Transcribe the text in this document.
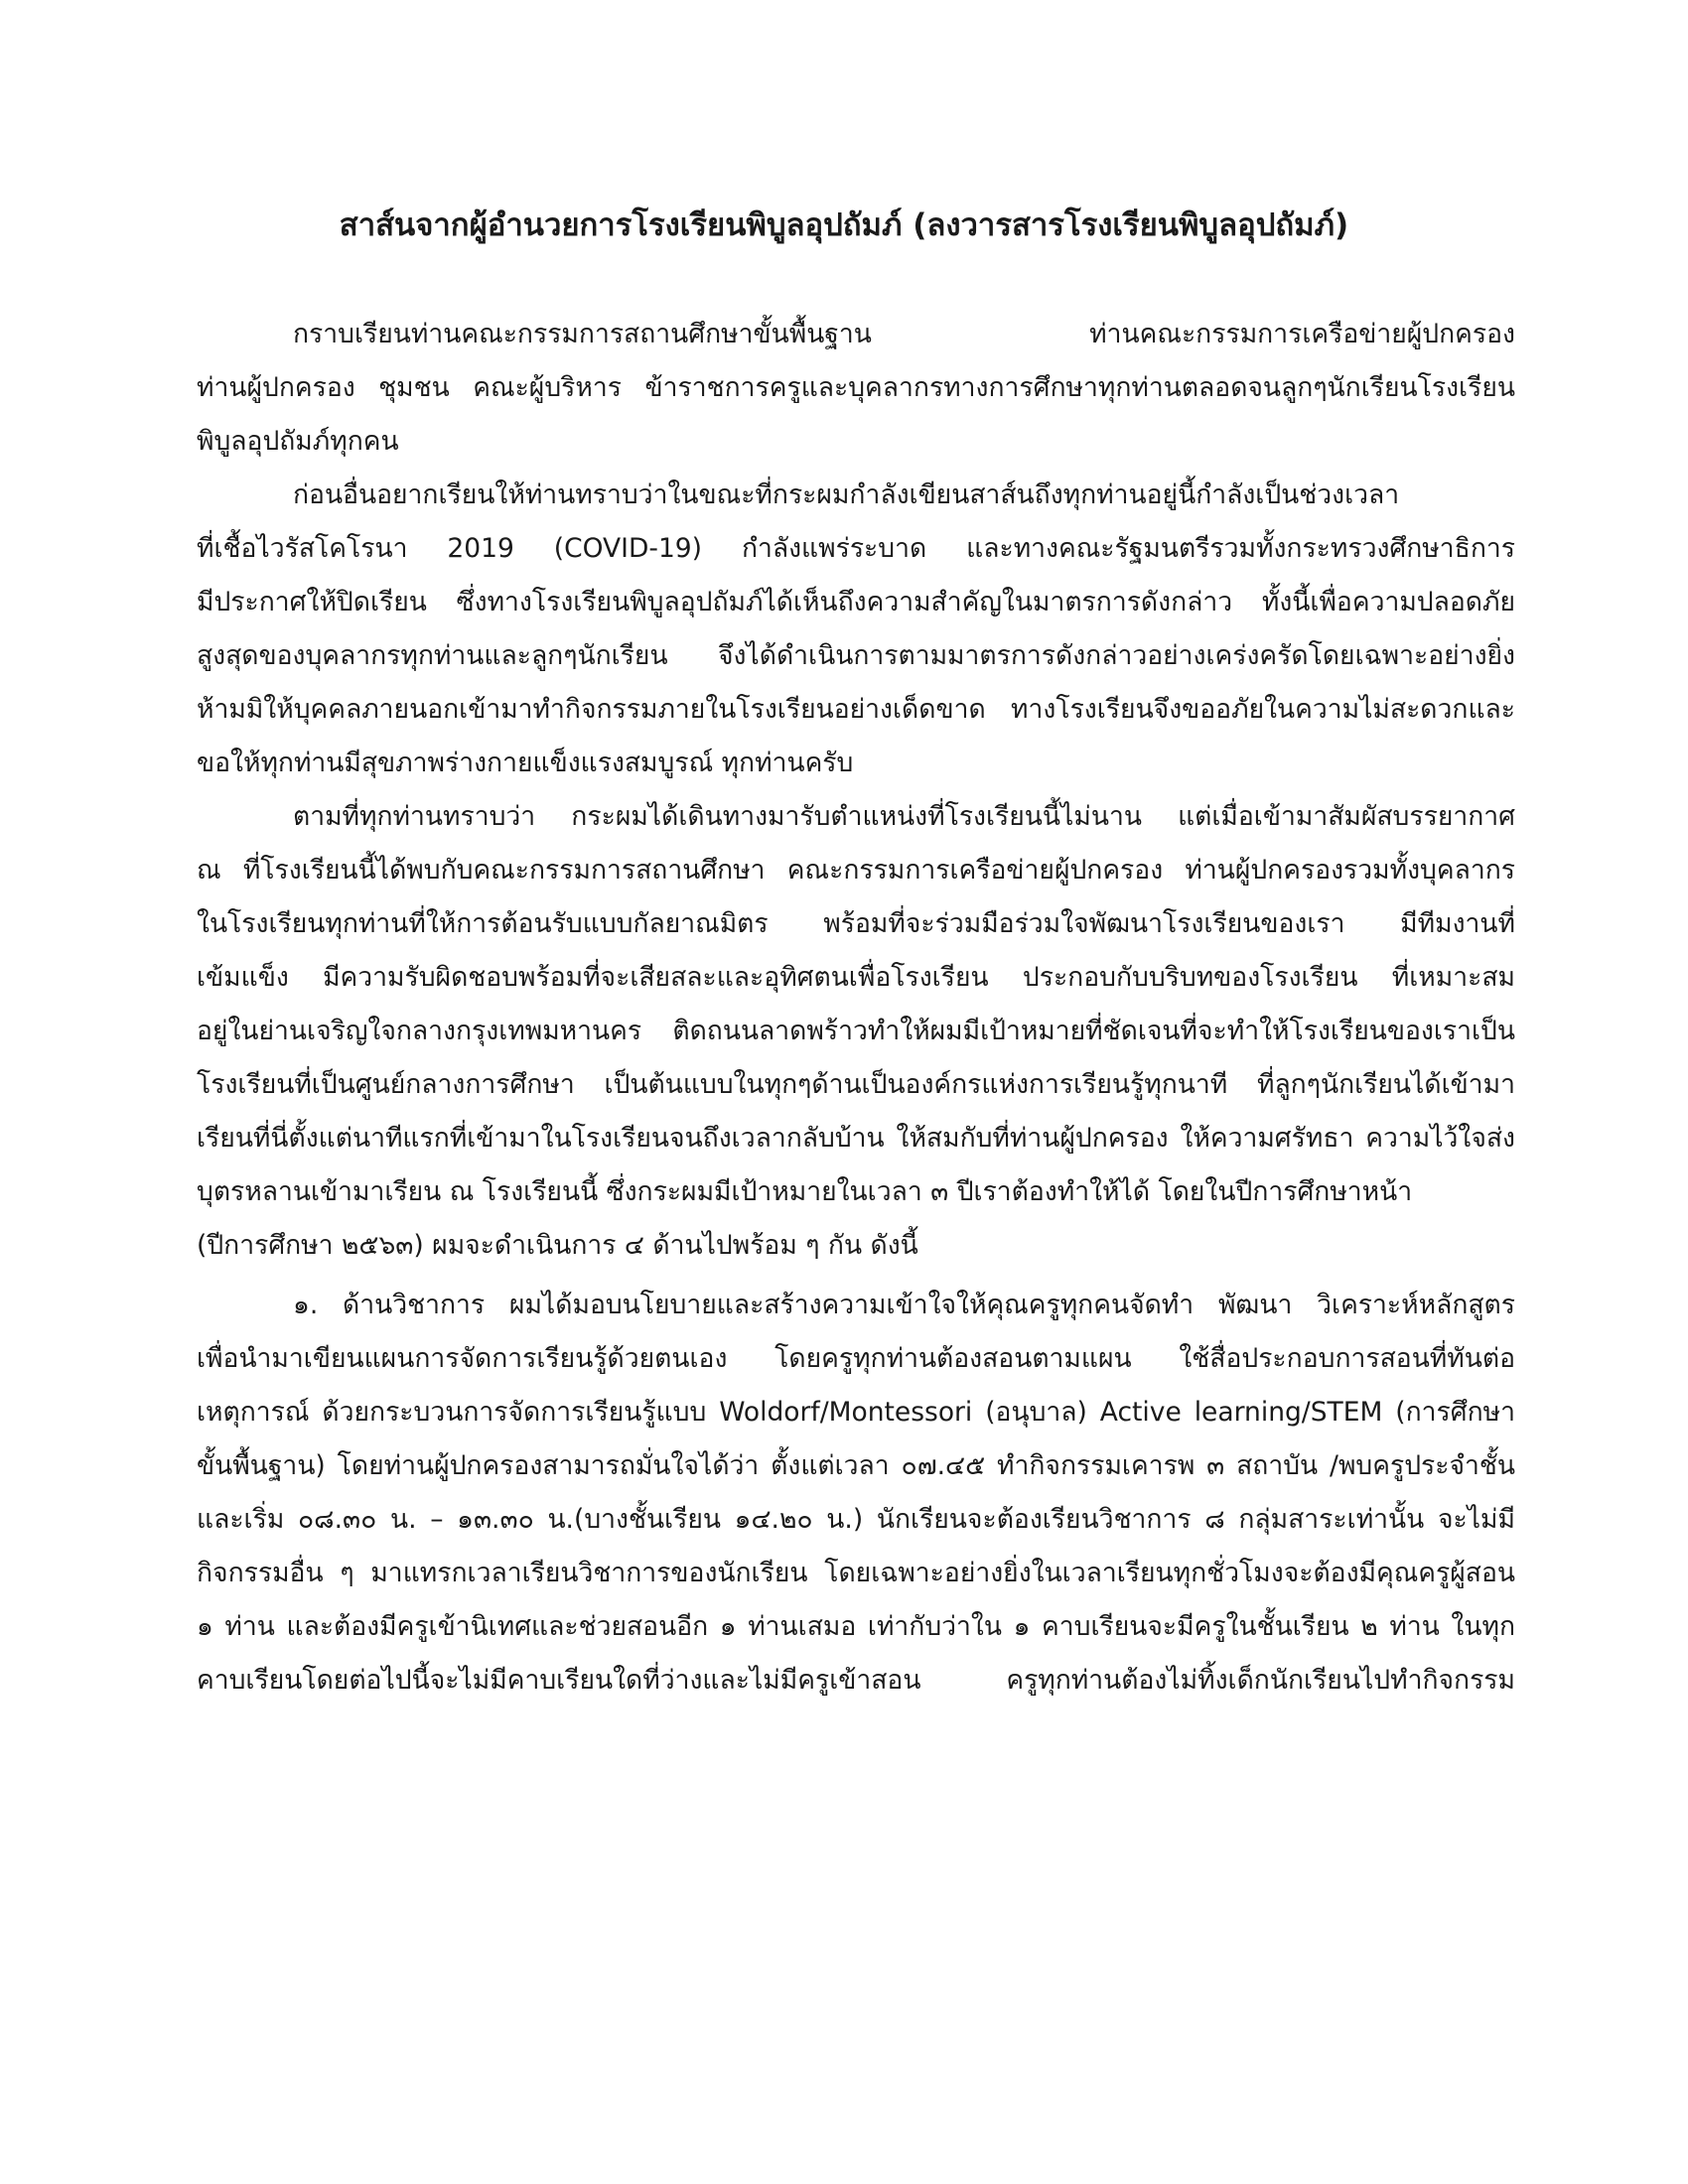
สาส์นจากผู้อำนวยการโรงเรียนพิบูลอุปถัมภ์ (ลงวารสารโรงเรียนพิบูลอุปถัมภ์)

กราบเรียนท่านคณะกรรมการสถานศึกษาขั้นพื้นฐาน ท่านคณะกรรมการเครือข่ายผู้ปกครอง

ท่านผู้ปกครอง ชุมชน คณะผู้บริหาร ข้าราชการครูและบุคลากรทางการศึกษาทุกท่านตลอดจนลูกๆนักเรียนโรงเรียน

พิบูลอุปถัมภ์ทุกคน

ก่อนอื่นอยากเรียนให้ท่านทราบว่าในขณะที่กระผมกำลังเขียนสาส์นถึงทุกท่านอยู่นี้กำลังเป็นช่วงเวลา

ที่เชื้อไวรัสโคโรนา 2019 (COVID-19) กำลังแพร่ระบาด และทางคณะรัฐมนตรีรวมทั้งกระทรวงศึกษาธิการ

มีประกาศให้ปิดเรียน ซึ่งทางโรงเรียนพิบูลอุปถัมภ์ได้เห็นถึงความสำคัญในมาตรการดังกล่าว ทั้งนี้เพื่อความปลอดภัย

สูงสุดของบุคลากรทุกท่านและลูกๆนักเรียน จึงได้ดำเนินการตามมาตรการดังกล่าวอย่างเคร่งครัดโดยเฉพาะอย่างยิ่ง

ห้ามมิให้บุคคลภายนอกเข้ามาทำกิจกรรมภายในโรงเรียนอย่างเด็ดขาด ทางโรงเรียนจึงขออภัยในความไม่สะดวกและ

ขอให้ทุกท่านมีสุขภาพร่างกายแข็งแรงสมบูรณ์ ทุกท่านครับ

ตามที่ทุกท่านทราบว่า กระผมได้เดินทางมารับตำแหน่งที่โรงเรียนนี้ไม่นาน แต่เมื่อเข้ามาสัมผัสบรรยากาศ

ณ ที่โรงเรียนนี้ได้พบกับคณะกรรมการสถานศึกษา คณะกรรมการเครือข่ายผู้ปกครอง ท่านผู้ปกครองรวมทั้งบุคลากร

ในโรงเรียนทุกท่านที่ให้การต้อนรับแบบกัลยาณมิตร พร้อมที่จะร่วมมือร่วมใจพัฒนาโรงเรียนของเรา มีทีมงานที่

เข้มแข็ง มีความรับผิดชอบพร้อมที่จะเสียสละและอุทิศตนเพื่อโรงเรียน ประกอบกับบริบทของโรงเรียน ที่เหมาะสม

อยู่ในย่านเจริญใจกลางกรุงเทพมหานคร ติดถนนลาดพร้าวทำให้ผมมีเป้าหมายที่ชัดเจนที่จะทำให้โรงเรียนของเราเป็น

โรงเรียนที่เป็นศูนย์กลางการศึกษา เป็นต้นแบบในทุกๆด้านเป็นองค์กรแห่งการเรียนรู้ทุกนาที ที่ลูกๆนักเรียนได้เข้ามา

เรียนที่นี่ตั้งแต่นาทีแรกที่เข้ามาในโรงเรียนจนถึงเวลากลับบ้าน ให้สมกับที่ท่านผู้ปกครอง ให้ความศรัทธา ความไว้ใจส่ง

บุตรหลานเข้ามาเรียน ณ โรงเรียนนี้ ซึ่งกระผมมีเป้าหมายในเวลา ๓ ปีเราต้องทำให้ได้ โดยในปีการศึกษาหน้า

(ปีการศึกษา ๒๕๖๓) ผมจะดำเนินการ ๔ ด้านไปพร้อม ๆ กัน ดังนี้

๑. ด้านวิชาการ ผมได้มอบนโยบายและสร้างความเข้าใจให้คุณครูทุกคนจัดทำ พัฒนา วิเคราะห์หลักสูตร

เพื่อนำมาเขียนแผนการจัดการเรียนรู้ด้วยตนเอง โดยครูทุกท่านต้องสอนตามแผน ใช้สื่อประกอบการสอนที่ทันต่อ

เหตุการณ์ ด้วยกระบวนการจัดการเรียนรู้แบบ Woldorf/Montessori (อนุบาล) Active learning/STEM (การศึกษา

ขั้นพื้นฐาน) โดยท่านผู้ปกครองสามารถมั่นใจได้ว่า ตั้งแต่เวลา ๐๗.๔๕ ทำกิจกรรมเคารพ ๓ สถาบัน /พบครูประจำชั้น

และเริ่ม ๐๘.๓๐ น. – ๑๓.๓๐ น.(บางชั้นเรียน ๑๔.๒๐ น.) นักเรียนจะต้องเรียนวิชาการ ๘ กลุ่มสาระเท่านั้น จะไม่มี

กิจกรรมอื่น ๆ มาแทรกเวลาเรียนวิชาการของนักเรียน โดยเฉพาะอย่างยิ่งในเวลาเรียนทุกชั่วโมงจะต้องมีคุณครูผู้สอน

๑ ท่าน และต้องมีครูเข้านิเทศและช่วยสอนอีก ๑ ท่านเสมอ เท่ากับว่าใน ๑ คาบเรียนจะมีครูในชั้นเรียน ๒ ท่าน ในทุก

คาบเรียนโดยต่อไปนี้จะไม่มีคาบเรียนใดที่ว่างและไม่มีครูเข้าสอน ครูทุกท่านต้องไม่ทิ้งเด็กนักเรียนไปทำกิจกรรม
